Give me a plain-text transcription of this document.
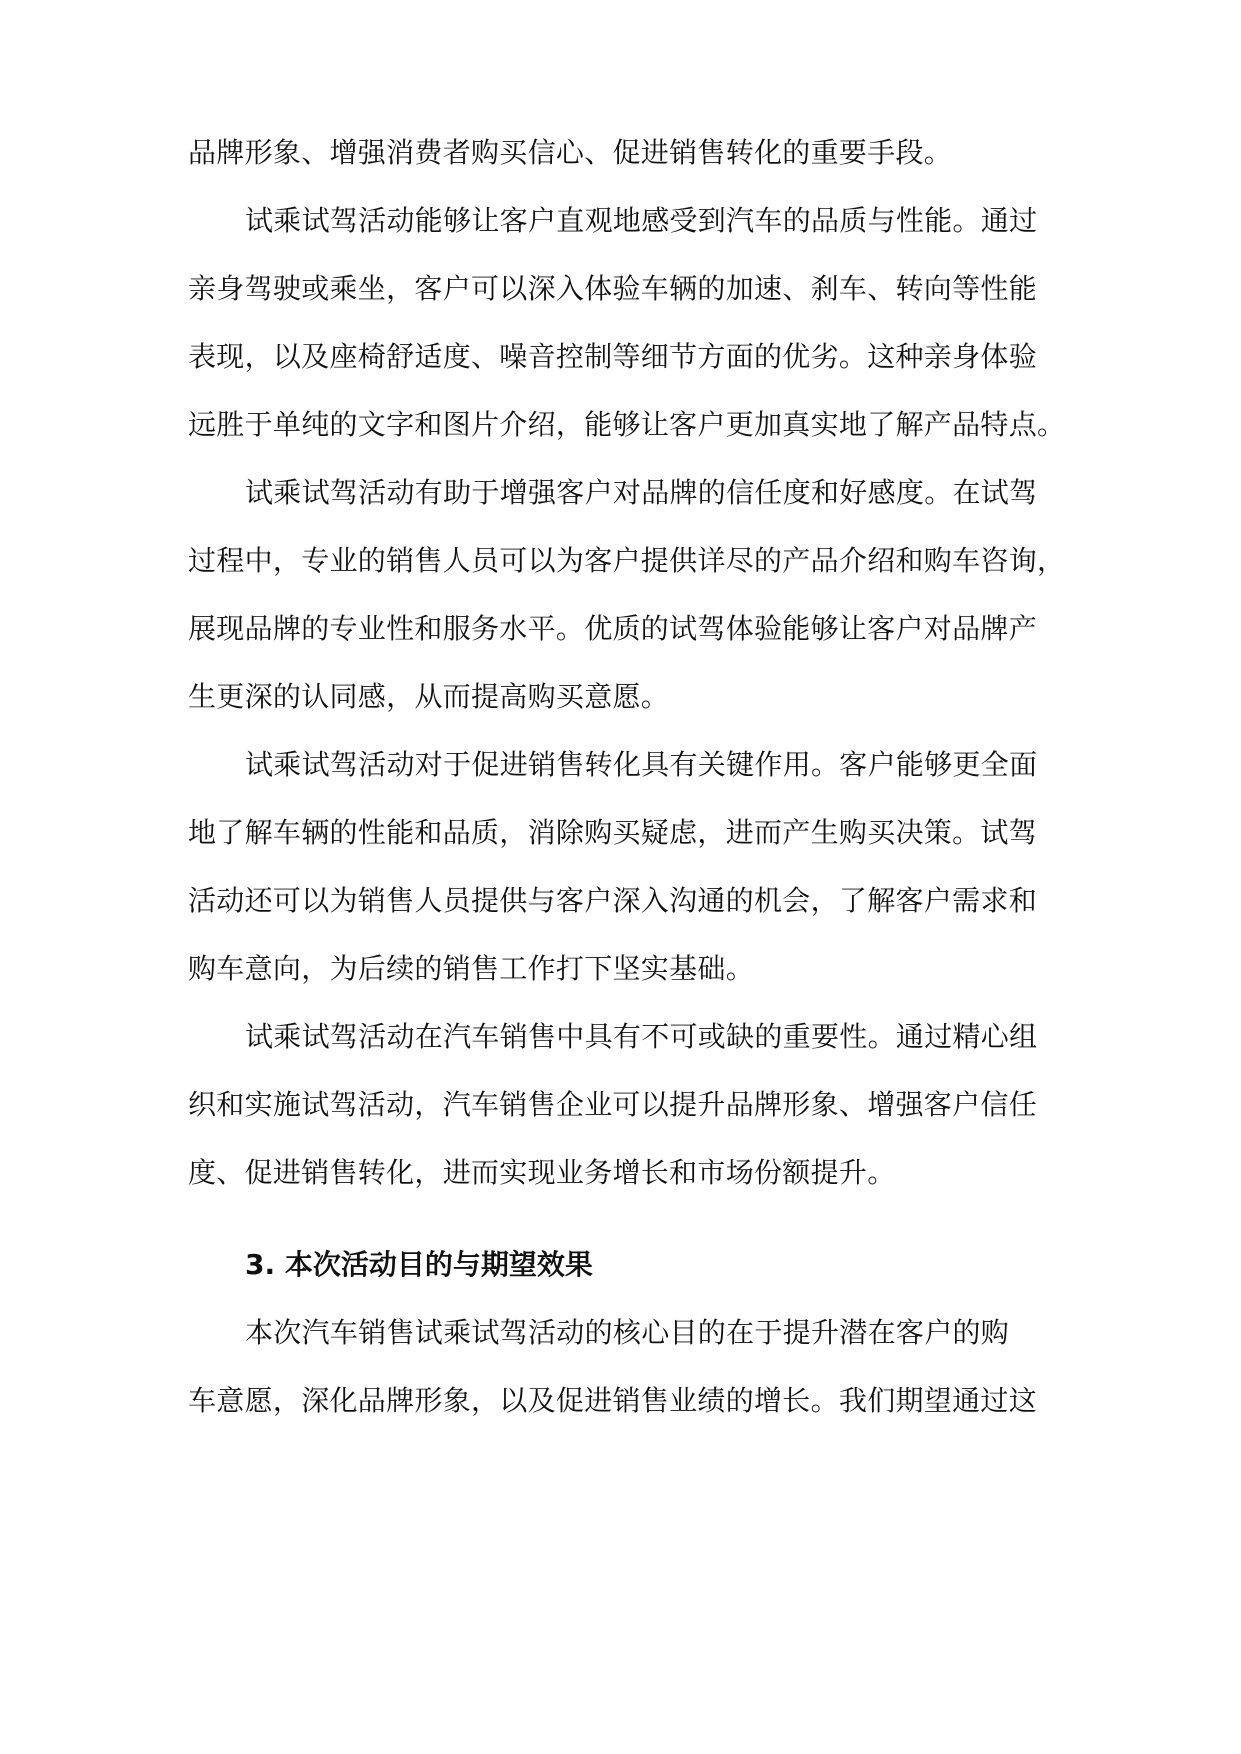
品牌形象、增强消费者购买信心、促进销售转化的重要手段。
试乘试驾活动能够让客户直观地感受到汽车的品质与性能。通过
亲身驾驶或乘坐，客户可以深入体验车辆的加速、刹车、转向等性能
表现，以及座椅舒适度、噪音控制等细节方面的优劣。这种亲身体验
远胜于单纯的文字和图片介绍，能够让客户更加真实地了解产品特点。
试乘试驾活动有助于增强客户对品牌的信任度和好感度。在试驾
过程中，专业的销售人员可以为客户提供详尽的产品介绍和购车咨询，
展现品牌的专业性和服务水平。优质的试驾体验能够让客户对品牌产
生更深的认同感，从而提高购买意愿。
试乘试驾活动对于促进销售转化具有关键作用。客户能够更全面
地了解车辆的性能和品质，消除购买疑虑，进而产生购买决策。试驾
活动还可以为销售人员提供与客户深入沟通的机会，了解客户需求和
购车意向，为后续的销售工作打下坚实基础。
试乘试驾活动在汽车销售中具有不可或缺的重要性。通过精心组
织和实施试驾活动，汽车销售企业可以提升品牌形象、增强客户信任
度、促进销售转化，进而实现业务增长和市场份额提升。
3. 本次活动目的与期望效果
本次汽车销售试乘试驾活动的核心目的在于提升潜在客户的购
车意愿，深化品牌形象，以及促进销售业绩的增长。我们期望通过这
